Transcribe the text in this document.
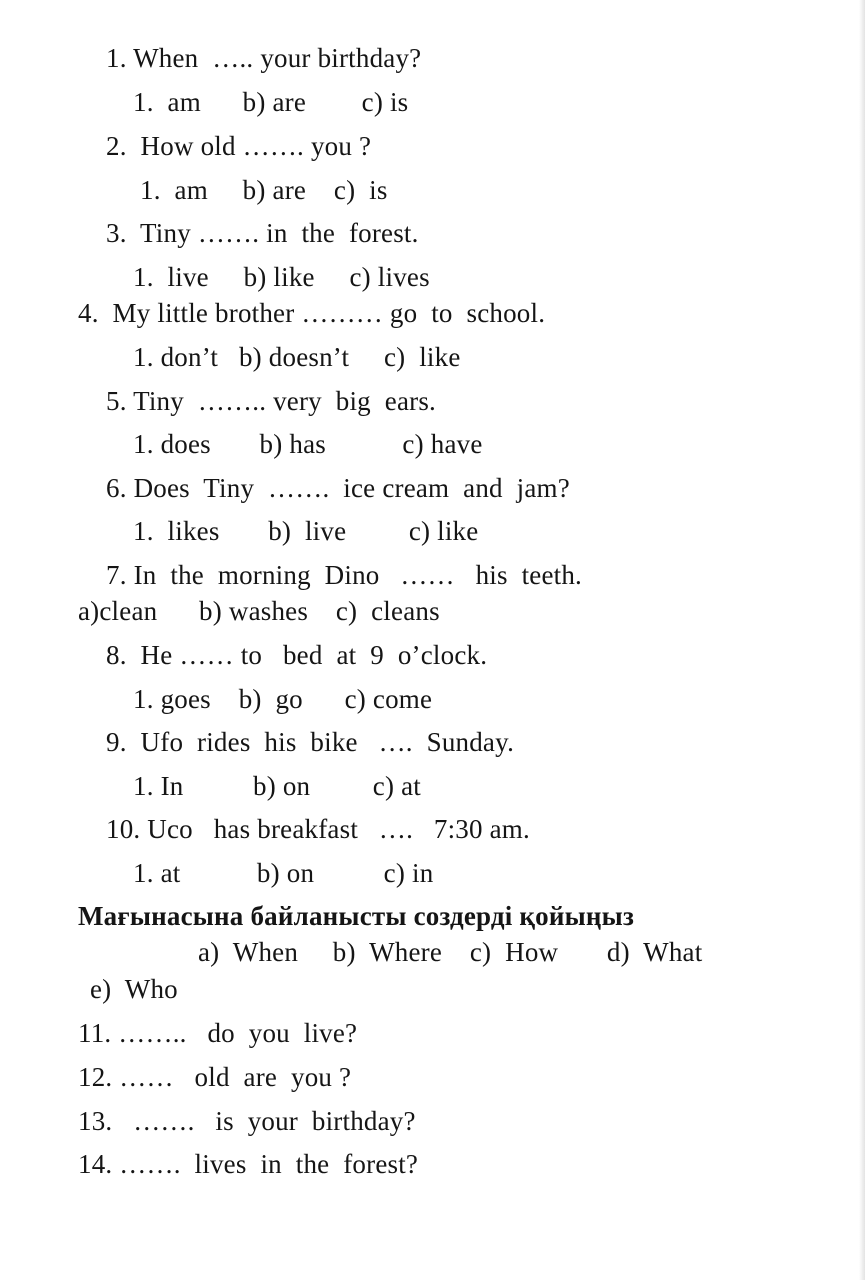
1. When  ….. your birthday?
1.  am      b) are        c) is
2.  How old ……. you ?
1.  am     b) are    c)  is
3.  Tiny ……. in  the  forest.
1.  live     b) like     c) lives
4.  My little brother ……… go  to  school.
1. don’t   b) doesn’t     c)  like
5. Tiny  …….. very  big  ears.
1. does       b) has           c) have
6. Does  Tiny  …….  ice cream  and  jam?
1.  likes       b)  live         c) like
7. In  the  morning  Dino   ……   his  teeth.
a)clean      b) washes    c)  cleans
8.  He …… to   bed  at  9  o’clock.
1. goes    b)  go      c) come
9.  Ufo  rides  his  bike   ….  Sunday.
1. In          b) on         c) at
10. Uco   has breakfast   ….   7:30 am.
1. at           b) on          c) in
Мағынасына байланысты создерді қойыңыз
a)  When     b)  Where    c)  How       d)  What
e)  Who
11. ……..   do  you  live?
12. ……   old  are  you ?
13.   …….   is  your  birthday?
14. …….  lives  in  the  forest?
